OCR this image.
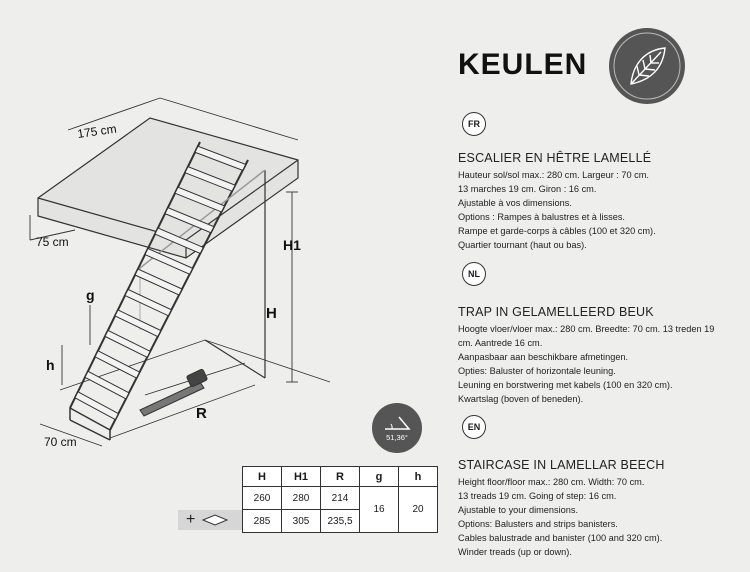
175 cm
75 cm
70 cm
g
h
H1
H
R
KEULEN
FR
ESCALIER EN HÊTRE LAMELLÉ
Hauteur sol/sol max.: 280 cm. Largeur : 70 cm.
13 marches 19 cm. Giron : 16 cm.
Ajustable à vos dimensions.
Options : Rampes à balustres et à lisses.
Rampe et garde-corps à câbles (100 et 320 cm).
Quartier tournant (haut ou bas).
NL
TRAP IN GELAMELLEERD BEUK
Hoogte vloer/vloer max.: 280 cm. Breedte: 70 cm. 13 treden 19
cm. Aantrede 16 cm.
Aanpasbaar aan beschikbare afmetingen.
Opties: Baluster of horizontale leuning.
Leuning en borstwering met kabels (100 en 320 cm).
Kwartslag (boven of beneden).
EN
STAIRCASE IN LAMELLAR BEECH
Height floor/floor max.: 280 cm. Width: 70 cm.
13 treads 19 cm. Going of step: 16 cm.
Ajustable to your dimensions.
Options: Balusters and strips banisters.
Cables balustrade and banister (100 and 320 cm).
Winder treads (up or down).
51,36°
+
H	H1	R	g	h
260	280	214	16	20
285	305	235,5		
